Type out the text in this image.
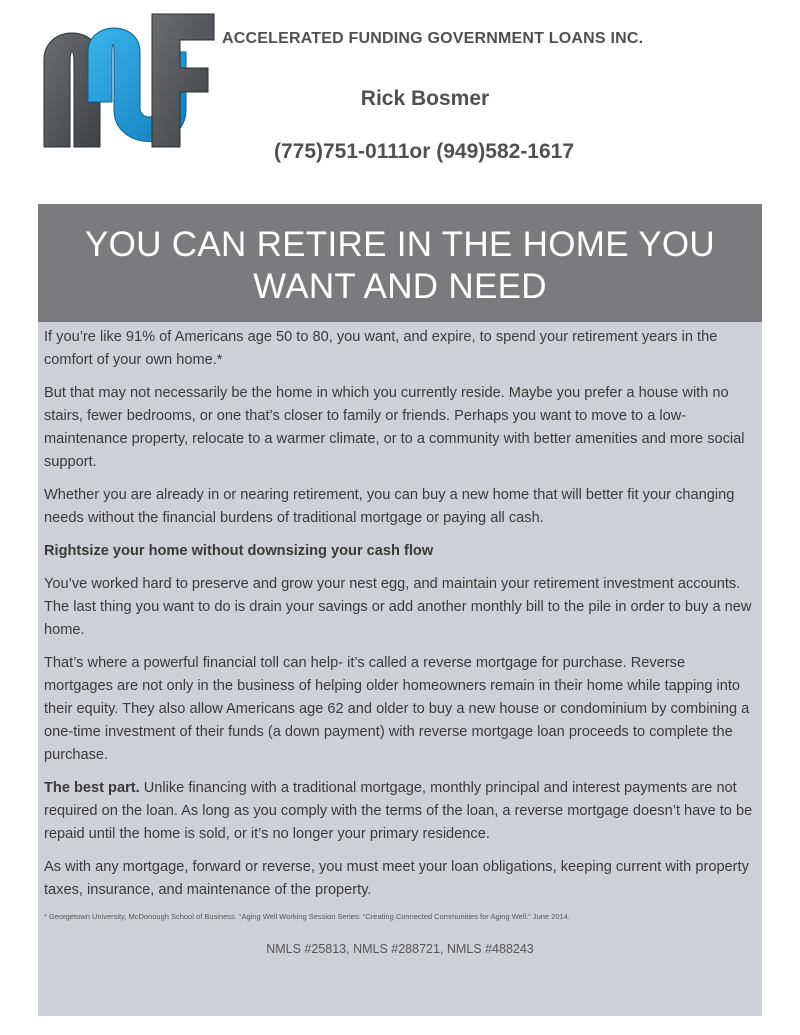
ACCELERATED FUNDING GOVERNMENT LOANS INC.
Rick Bosmer
(775)751-0111or (949)582-1617
YOU CAN RETIRE IN THE HOME YOU
WANT AND NEED

If you’re like 91% of Americans age 50 to 80, you want, and expire, to spend your retirement years in the comfort of your own home.*

But that may not necessarily be the home in which you currently reside. Maybe you prefer a house with no stairs, fewer bedrooms, or one that’s closer to family or friends. Perhaps you want to move to a low-maintenance property, relocate to a warmer climate, or to a community with better amenities and more social support.

Whether you are already in or nearing retirement, you can buy a new home that will better fit your changing needs without the financial burdens of traditional mortgage or paying all cash.

Rightsize your home without downsizing your cash flow

You’ve worked hard to preserve and grow your nest egg, and maintain your retirement investment accounts. The last thing you want to do is drain your savings or add another monthly bill to the pile in order to buy a new home.

That’s where a powerful financial toll can help- it’s called a reverse mortgage for purchase. Reverse mortgages are not only in the business of helping older homeowners remain in their home while tapping into their equity. They also allow Americans age 62 and older to buy a new house or condominium by combining a one-time investment of their funds (a down payment) with reverse mortgage loan proceeds to complete the purchase.

The best part. Unlike financing with a traditional mortgage, monthly principal and interest payments are not required on the loan. As long as you comply with the terms of the loan, a reverse mortgage doesn’t have to be repaid until the home is sold, or it’s no longer your primary residence.

As with any mortgage, forward or reverse, you must meet your loan obligations, keeping current with property taxes, insurance, and maintenance of the property.

* Georgetown University, McDonough School of Business. “Aging Well Working Session Series: “Creating Connected Communities for Aging Well.” June 2014.

NMLS #25813, NMLS #288721, NMLS #488243
